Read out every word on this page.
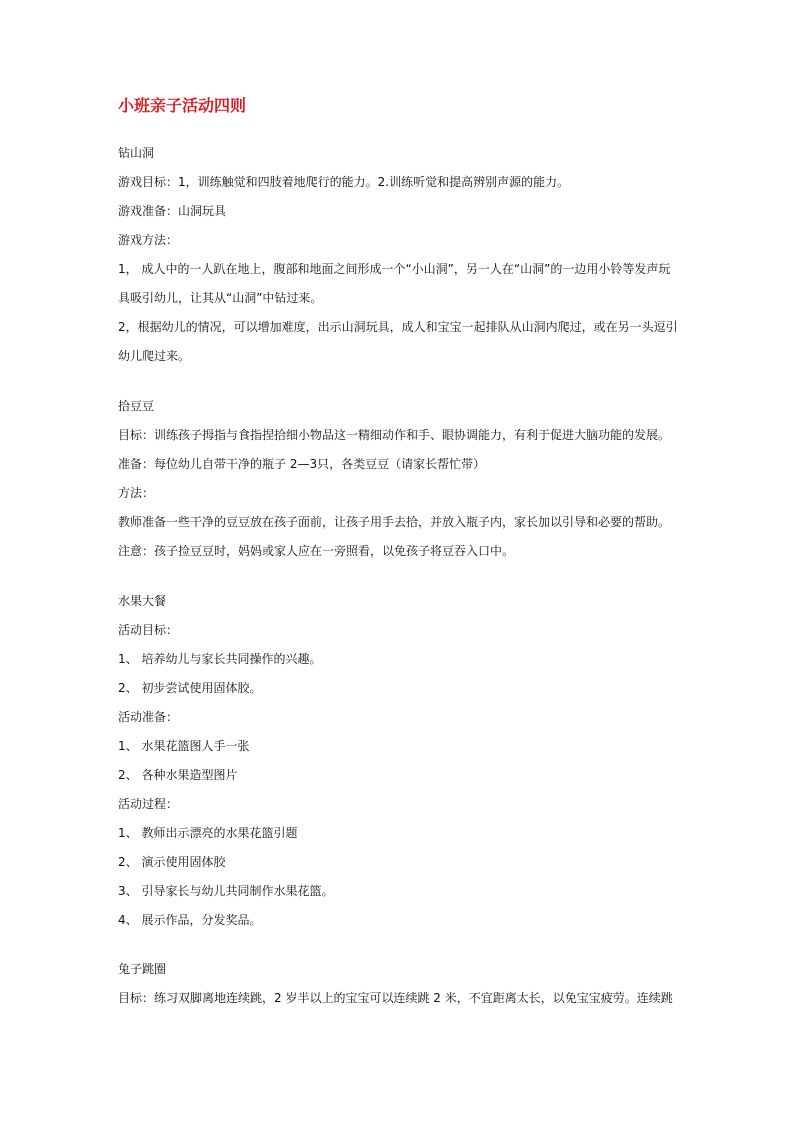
小班亲子活动四则
钻山洞
游戏目标：1，训练触觉和四肢着地爬行的能力。2.训练听觉和提高辨别声源的能力。
游戏准备：山洞玩具
游戏方法：
1， 成人中的一人趴在地上，腹部和地面之间形成一个“小山洞”，另一人在“山洞”的一边用小铃等发声玩
具吸引幼儿，让其从“山洞”中钻过来。
2，根据幼儿的情况，可以增加难度，出示山洞玩具，成人和宝宝一起排队从山洞内爬过，或在另一头逗引
幼儿爬过来。
拾豆豆
目标：训练孩子拇指与食指捏拾细小物品这一精细动作和手、眼协调能力，有利于促进大脑功能的发展。
准备：每位幼儿自带干净的瓶子 2—3只，各类豆豆（请家长帮忙带）
方法：
教师准备一些干净的豆豆放在孩子面前，让孩子用手去拾，并放入瓶子内，家长加以引导和必要的帮助。
注意：孩子捡豆豆时，妈妈或家人应在一旁照看，以免孩子将豆吞入口中。
水果大餐
活动目标：
1、 培养幼儿与家长共同操作的兴趣。
2、 初步尝试使用固体胶。
活动准备：
1、 水果花篮图人手一张
2、 各种水果造型图片
活动过程：
1、 教师出示漂亮的水果花篮引题
2、 演示使用固体胶
3、 引导家长与幼儿共同制作水果花篮。
4、 展示作品，分发奖品。
兔子跳圈
目标：练习双脚离地连续跳，2 岁半以上的宝宝可以连续跳 2 米，不宜距离太长，以免宝宝疲劳。连续跳
